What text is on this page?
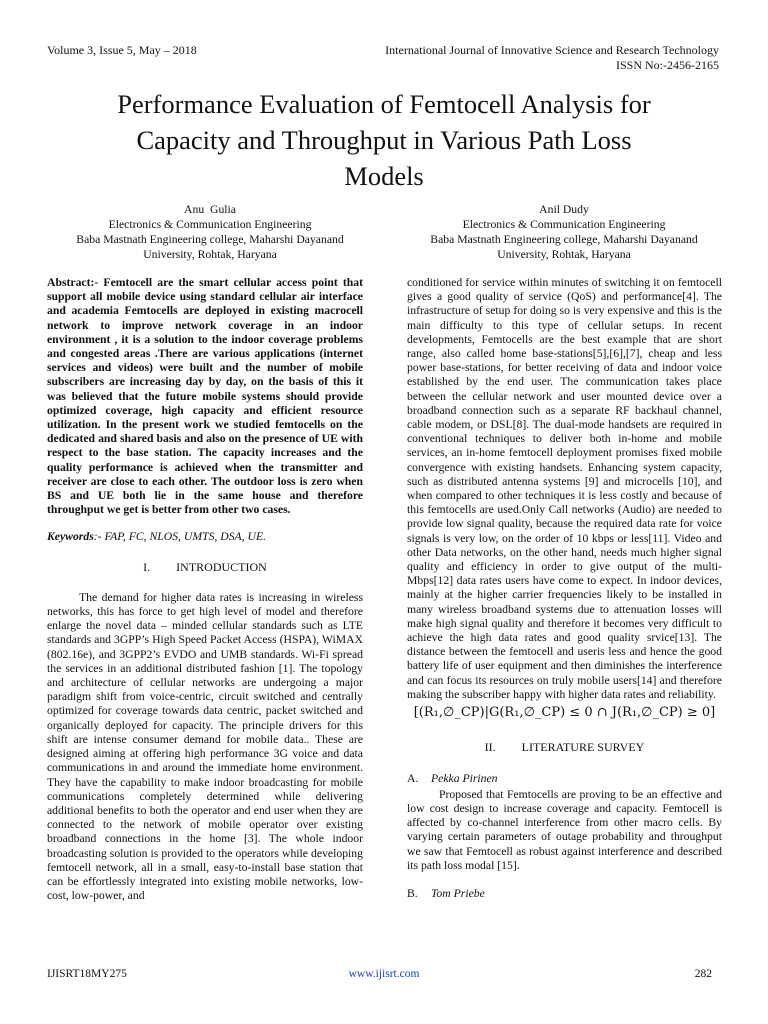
Volume 3, Issue 5, May – 2018	International Journal of Innovative Science and Research Technology
ISSN No:-2456-2165
Performance Evaluation of Femtocell Analysis for
Capacity and Throughput in Various Path Loss
Models
Anu  Gulia
Electronics & Communication Engineering
Baba Mastnath Engineering college, Maharshi Dayanand
University, Rohtak, Haryana
Anil Dudy
Electronics & Communication Engineering
Baba Mastnath Engineering college, Maharshi Dayanand
University, Rohtak, Haryana

Abstract:- Femtocell are the smart cellular access point that support all mobile device using standard cellular air interface and academia Femtocells are deployed in existing macrocell network to improve network coverage in an indoor environment , it is a solution to the indoor coverage problems and congested areas .There are various applications (internet services and videos) were built and the number of mobile subscribers are increasing day by day, on the basis of this it was believed that the future mobile systems should provide optimized coverage, high capacity and efficient resource utilization. In the present work we studied femtocells on the dedicated and shared basis and also on the presence of UE with respect to the base station. The capacity increases and the quality performance is achieved when the transmitter and receiver are close to each other. The outdoor loss is zero when BS and UE both lie in the same house and therefore throughput we get is better from other two cases.

Keywords:- FAP, FC, NLOS, UMTS, DSA, UE.

I. INTRODUCTION

The demand for higher data rates is increasing in wireless networks, this has force to get high level of model and therefore enlarge the novel data – minded cellular standards such as LTE standards and 3GPP’s High Speed Packet Access (HSPA), WiMAX (802.16e), and 3GPP2’s EVDO and UMB standards. Wi-Fi spread the services in an additional distributed fashion [1]. The topology and architecture of cellular networks are undergoing a major paradigm shift from voice-centric, circuit switched and centrally optimized for coverage towards data centric, packet switched and organically deployed for capacity. The principle drivers for this shift are intense consumer demand for mobile data.. These are designed aiming at offering high performance 3G voice and data communications in and around the immediate home environment. They have the capability to make indoor broadcasting for mobile communications completely determined while delivering additional benefits to both the operator and end user when they are connected to the network of mobile operator over existing broadband connections in the home [3]. The whole indoor broadcasting solution is provided to the operators while developing femtocell network, all in a small, easy-to-install base station that can be effortlessly integrated into existing mobile networks, low-cost, low-power, and

conditioned for service within minutes of switching it on femtocell gives a good quality of service (QoS) and performance[4]. The infrastructure of setup for doing so is very expensive and this is the main difficulty to this type of cellular setups. In recent developments, Femtocells are the best example that are short range, also called home base-stations[5],[6],[7], cheap and less power base-stations, for better receiving of data and indoor voice established by the end user. The communication takes place between the cellular network and user mounted device over a broadband connection such as a separate RF backhaul channel, cable modem, or DSL[8]. The dual-mode handsets are required in conventional techniques to deliver both in-home and mobile services, an in-home femtocell deployment promises fixed mobile convergence with existing handsets. Enhancing system capacity, such as distributed antenna systems [9] and microcells [10], and when compared to other techniques it is less costly and because of this femtocells are used.Only Call networks (Audio) are needed to provide low signal quality, because the required data rate for voice signals is very low, on the order of 10 kbps or less[11]. Video and other Data networks, on the other hand, needs much higher signal quality and efficiency in order to give output of the multi-Mbps[12] data rates users have come to expect. In indoor devices, mainly at the higher carrier frequencies likely to be installed in many wireless broadband systems due to attenuation losses will make high signal quality and therefore it becomes very difficult to achieve the high data rates and good quality srvice[13]. The distance between the femtocell and useris less and hence the good battery life of user equipment and then diminishes the interference and can focus its resources on truly mobile users[14] and therefore making the subscriber happy with higher data rates and reliability.

[(R₁,∅_CP)|G(R₁,∅_CP) ≤ 0 ∩ J(R₁,∅_CP) ≥ 0]
II. LITERATURE SURVEY
A. Pekka Pirinen

Proposed that Femtocells are proving to be an effective and low cost design to increase coverage and capacity. Femtocell is affected by co-channel interference from other macro cells. By varying certain parameters of outage probability and throughput we saw that Femtocell as robust against interference and described its path loss modal [15].

B. Tom Priebe
IJISRT18MY275	www.ijisrt.com	282
